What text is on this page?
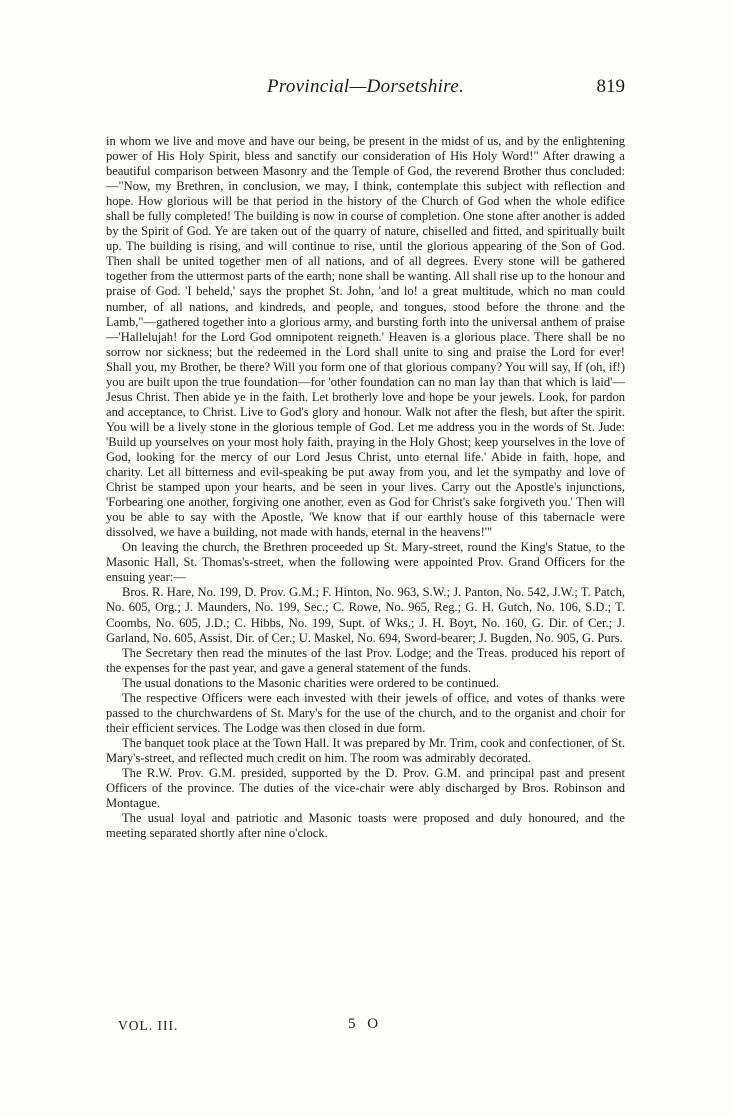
Provincial—Dorsetshire.	819

in whom we live and move and have our being, be present in the midst of us, and by the enlightening power of His Holy Spirit, bless and sanctify our consideration of His Holy Word!" After drawing a beautiful comparison between Masonry and the Temple of God, the reverend Brother thus concluded:—"Now, my Brethren, in conclusion, we may, I think, contemplate this subject with reflection and hope. How glorious will be that period in the history of the Church of God when the whole edifice shall be fully completed! The building is now in course of completion. One stone after another is added by the Spirit of God. Ye are taken out of the quarry of nature, chiselled and fitted, and spiritually built up. The building is rising, and will continue to rise, until the glorious appearing of the Son of God. Then shall be united together men of all nations, and of all degrees. Every stone will be gathered together from the uttermost parts of the earth; none shall be wanting. All shall rise up to the honour and praise of God. 'I beheld,' says the prophet St. John, 'and lo! a great multitude, which no man could number, of all nations, and kindreds, and people, and tongues, stood before the throne and the Lamb,"—gathered together into a glorious army, and bursting forth into the universal anthem of praise—'Hallelujah! for the Lord God omnipotent reigneth.' Heaven is a glorious place. There shall be no sorrow nor sickness; but the redeemed in the Lord shall unite to sing and praise the Lord for ever! Shall you, my Brother, be there? Will you form one of that glorious company? You will say, If (oh, if!) you are built upon the true foundation—for 'other foundation can no man lay than that which is laid'—Jesus Christ. Then abide ye in the faith. Let brotherly love and hope be your jewels. Look, for pardon and acceptance, to Christ. Live to God's glory and honour. Walk not after the flesh, but after the spirit. You will be a lively stone in the glorious temple of God. Let me address you in the words of St. Jude: 'Build up yourselves on your most holy faith, praying in the Holy Ghost; keep yourselves in the love of God, looking for the mercy of our Lord Jesus Christ, unto eternal life.' Abide in faith, hope, and charity. Let all bitterness and evil-speaking be put away from you, and let the sympathy and love of Christ be stamped upon your hearts, and be seen in your lives. Carry out the Apostle's injunctions, 'Forbearing one another, forgiving one another, even as God for Christ's sake forgiveth you.' Then will you be able to say with the Apostle, 'We know that if our earthly house of this tabernacle were dissolved, we have a building, not made with hands, eternal in the heavens!'"

On leaving the church, the Brethren proceeded up St. Mary-street, round the King's Statue, to the Masonic Hall, St. Thomas's-street, when the following were appointed Prov. Grand Officers for the ensuing year:—

Bros. R. Hare, No. 199, D. Prov. G.M.; F. Hinton, No. 963, S.W.; J. Panton, No. 542, J.W.; T. Patch, No. 605, Org.; J. Maunders, No. 199, Sec.; C. Rowe, No. 965, Reg.; G. H. Gutch, No. 106, S.D.; T. Coombs, No. 605, J.D.; C. Hibbs, No. 199, Supt. of Wks.; J. H. Boyt, No. 160, G. Dir. of Cer.; J. Garland, No. 605, Assist. Dir. of Cer.; U. Maskel, No. 694, Sword-bearer; J. Bugden, No. 905, G. Purs.

The Secretary then read the minutes of the last Prov. Lodge; and the Treas. produced his report of the expenses for the past year, and gave a general statement of the funds.

The usual donations to the Masonic charities were ordered to be continued.

The respective Officers were each invested with their jewels of office, and votes of thanks were passed to the churchwardens of St. Mary's for the use of the church, and to the organist and choir for their efficient services. The Lodge was then closed in due form.

The banquet took place at the Town Hall. It was prepared by Mr. Trim, cook and confectioner, of St. Mary's-street, and reflected much credit on him. The room was admirably decorated.

The R.W. Prov. G.M. presided, supported by the D. Prov. G.M. and principal past and present Officers of the province. The duties of the vice-chair were ably discharged by Bros. Robinson and Montague.

The usual loyal and patriotic and Masonic toasts were proposed and duly honoured, and the meeting separated shortly after nine o'clock.

VOL. III.	5 O
